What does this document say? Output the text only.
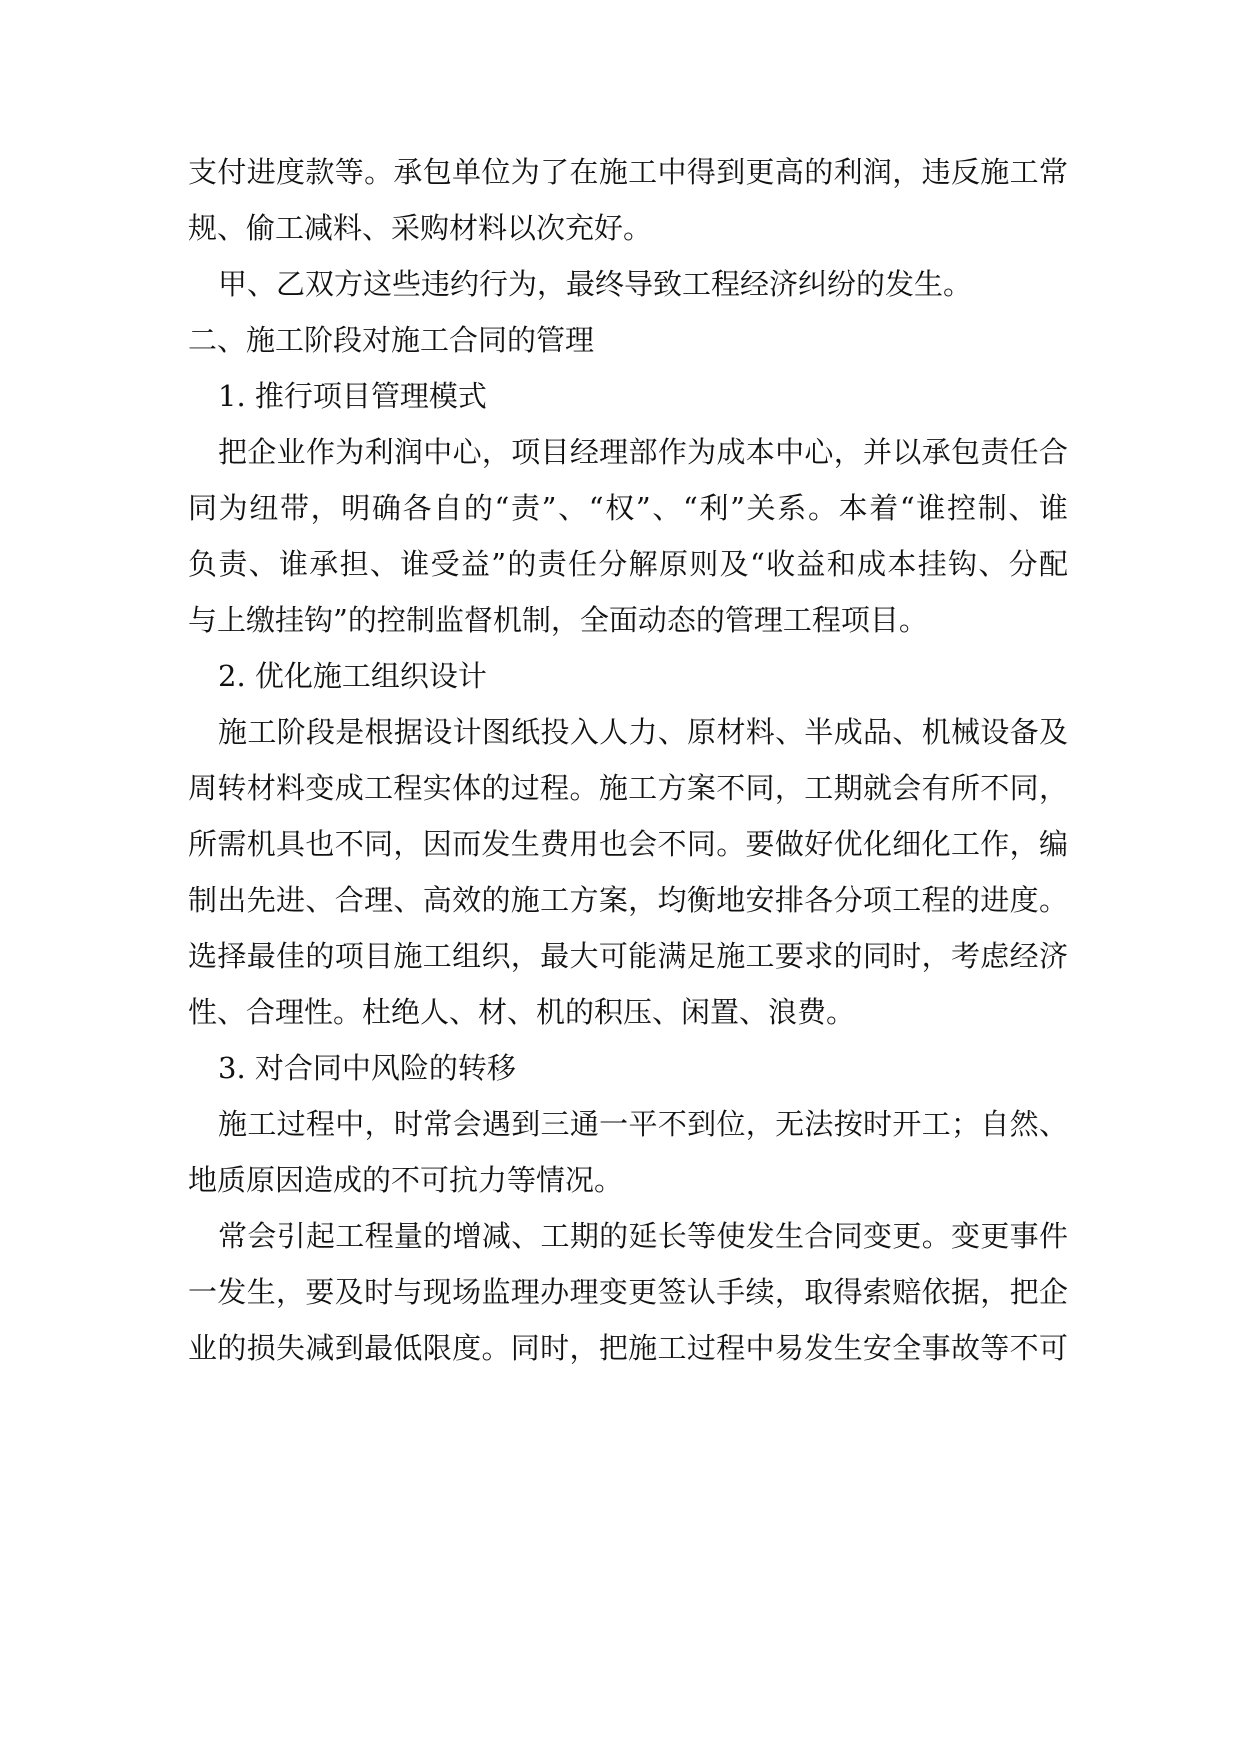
支付进度款等。承包单位为了在施工中得到更高的利润，违反施工常
规、偷工减料、采购材料以次充好。
甲、乙双方这些违约行为，最终导致工程经济纠纷的发生。
二、施工阶段对施工合同的管理
1. 推行项目管理模式
把企业作为利润中心，项目经理部作为成本中心，并以承包责任合
同为纽带，明确各自的“责”、“权”、“利”关系。本着“谁控制、谁
负责、谁承担、谁受益”的责任分解原则及“收益和成本挂钩、分配
与上缴挂钩”的控制监督机制，全面动态的管理工程项目。
2. 优化施工组织设计
施工阶段是根据设计图纸投入人力、原材料、半成品、机械设备及
周转材料变成工程实体的过程。施工方案不同，工期就会有所不同，
所需机具也不同，因而发生费用也会不同。要做好优化细化工作，编
制出先进、合理、高效的施工方案，均衡地安排各分项工程的进度。
选择最佳的项目施工组织，最大可能满足施工要求的同时，考虑经济
性、合理性。杜绝人、材、机的积压、闲置、浪费。
3. 对合同中风险的转移
施工过程中，时常会遇到三通一平不到位，无法按时开工；自然、
地质原因造成的不可抗力等情况。
常会引起工程量的增减、工期的延长等使发生合同变更。变更事件
一发生，要及时与现场监理办理变更签认手续，取得索赔依据，把企
业的损失减到最低限度。同时，把施工过程中易发生安全事故等不可
